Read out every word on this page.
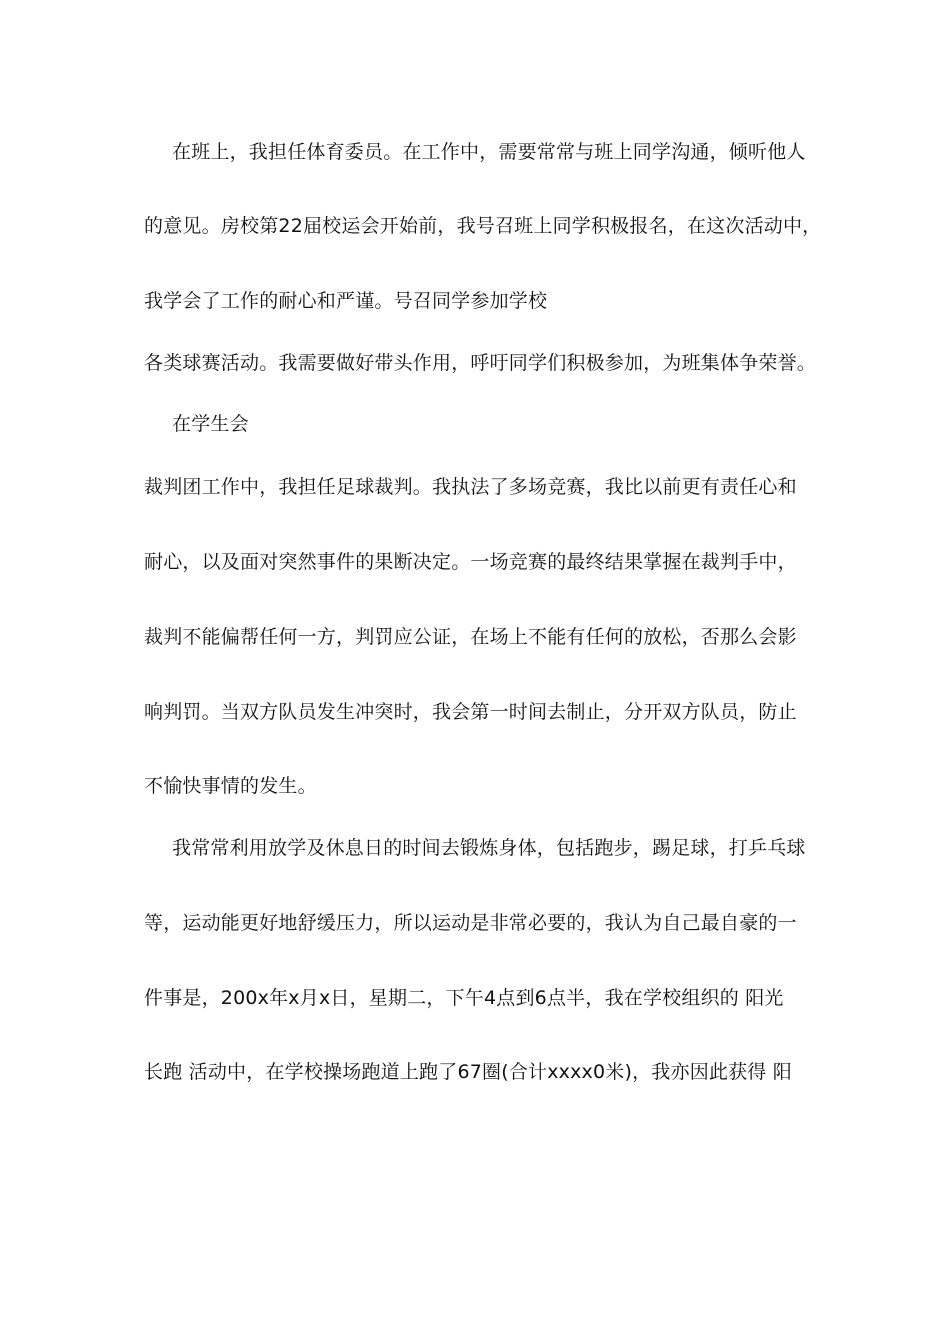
在班上，我担任体育委员。在工作中，需要常常与班上同学沟通，倾听他人
的意见。房校第22届校运会开始前，我号召班上同学积极报名，在这次活动中，
我学会了工作的耐心和严谨。号召同学参加学校
各类球赛活动。我需要做好带头作用，呼吁同学们积极参加，为班集体争荣誉。
在学生会
裁判团工作中，我担任足球裁判。我执法了多场竞赛，我比以前更有责任心和
耐心，以及面对突然事件的果断决定。一场竞赛的最终结果掌握在裁判手中，
裁判不能偏帮任何一方，判罚应公证，在场上不能有任何的放松，否那么会影
响判罚。当双方队员发生冲突时，我会第一时间去制止，分开双方队员，防止
不愉快事情的发生。
我常常利用放学及休息日的时间去锻炼身体，包括跑步，踢足球，打乒乓球
等，运动能更好地舒缓压力，所以运动是非常必要的，我认为自己最自豪的一
件事是，200x年x月x日，星期二，下午4点到6点半，我在学校组织的 阳光
长跑 活动中，在学校操场跑道上跑了67圈(合计xxxx0米)，我亦因此获得 阳
